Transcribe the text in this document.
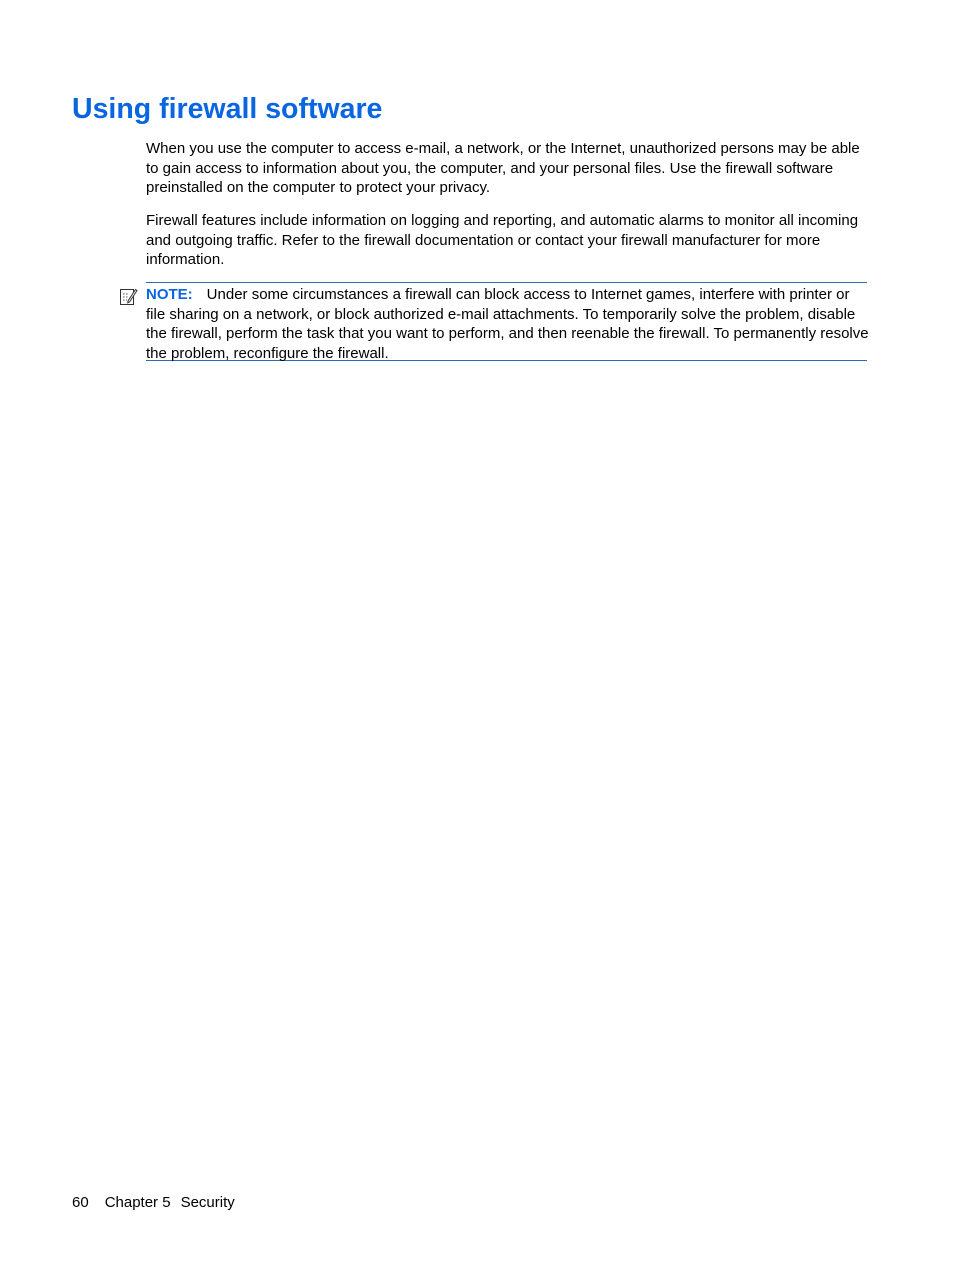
Using firewall software

When you use the computer to access e-mail, a network, or the Internet, unauthorized persons may be able to gain access to information about you, the computer, and your personal files. Use the firewall software preinstalled on the computer to protect your privacy.

Firewall features include information on logging and reporting, and automatic alarms to monitor all incoming and outgoing traffic. Refer to the firewall documentation or contact your firewall manufacturer for more information.

NOTE: Under some circumstances a firewall can block access to Internet games, interfere with printer or file sharing on a network, or block authorized e-mail attachments. To temporarily solve the problem, disable the firewall, perform the task that you want to perform, and then reenable the firewall. To permanently resolve the problem, reconfigure the firewall.

60 Chapter 5 Security
